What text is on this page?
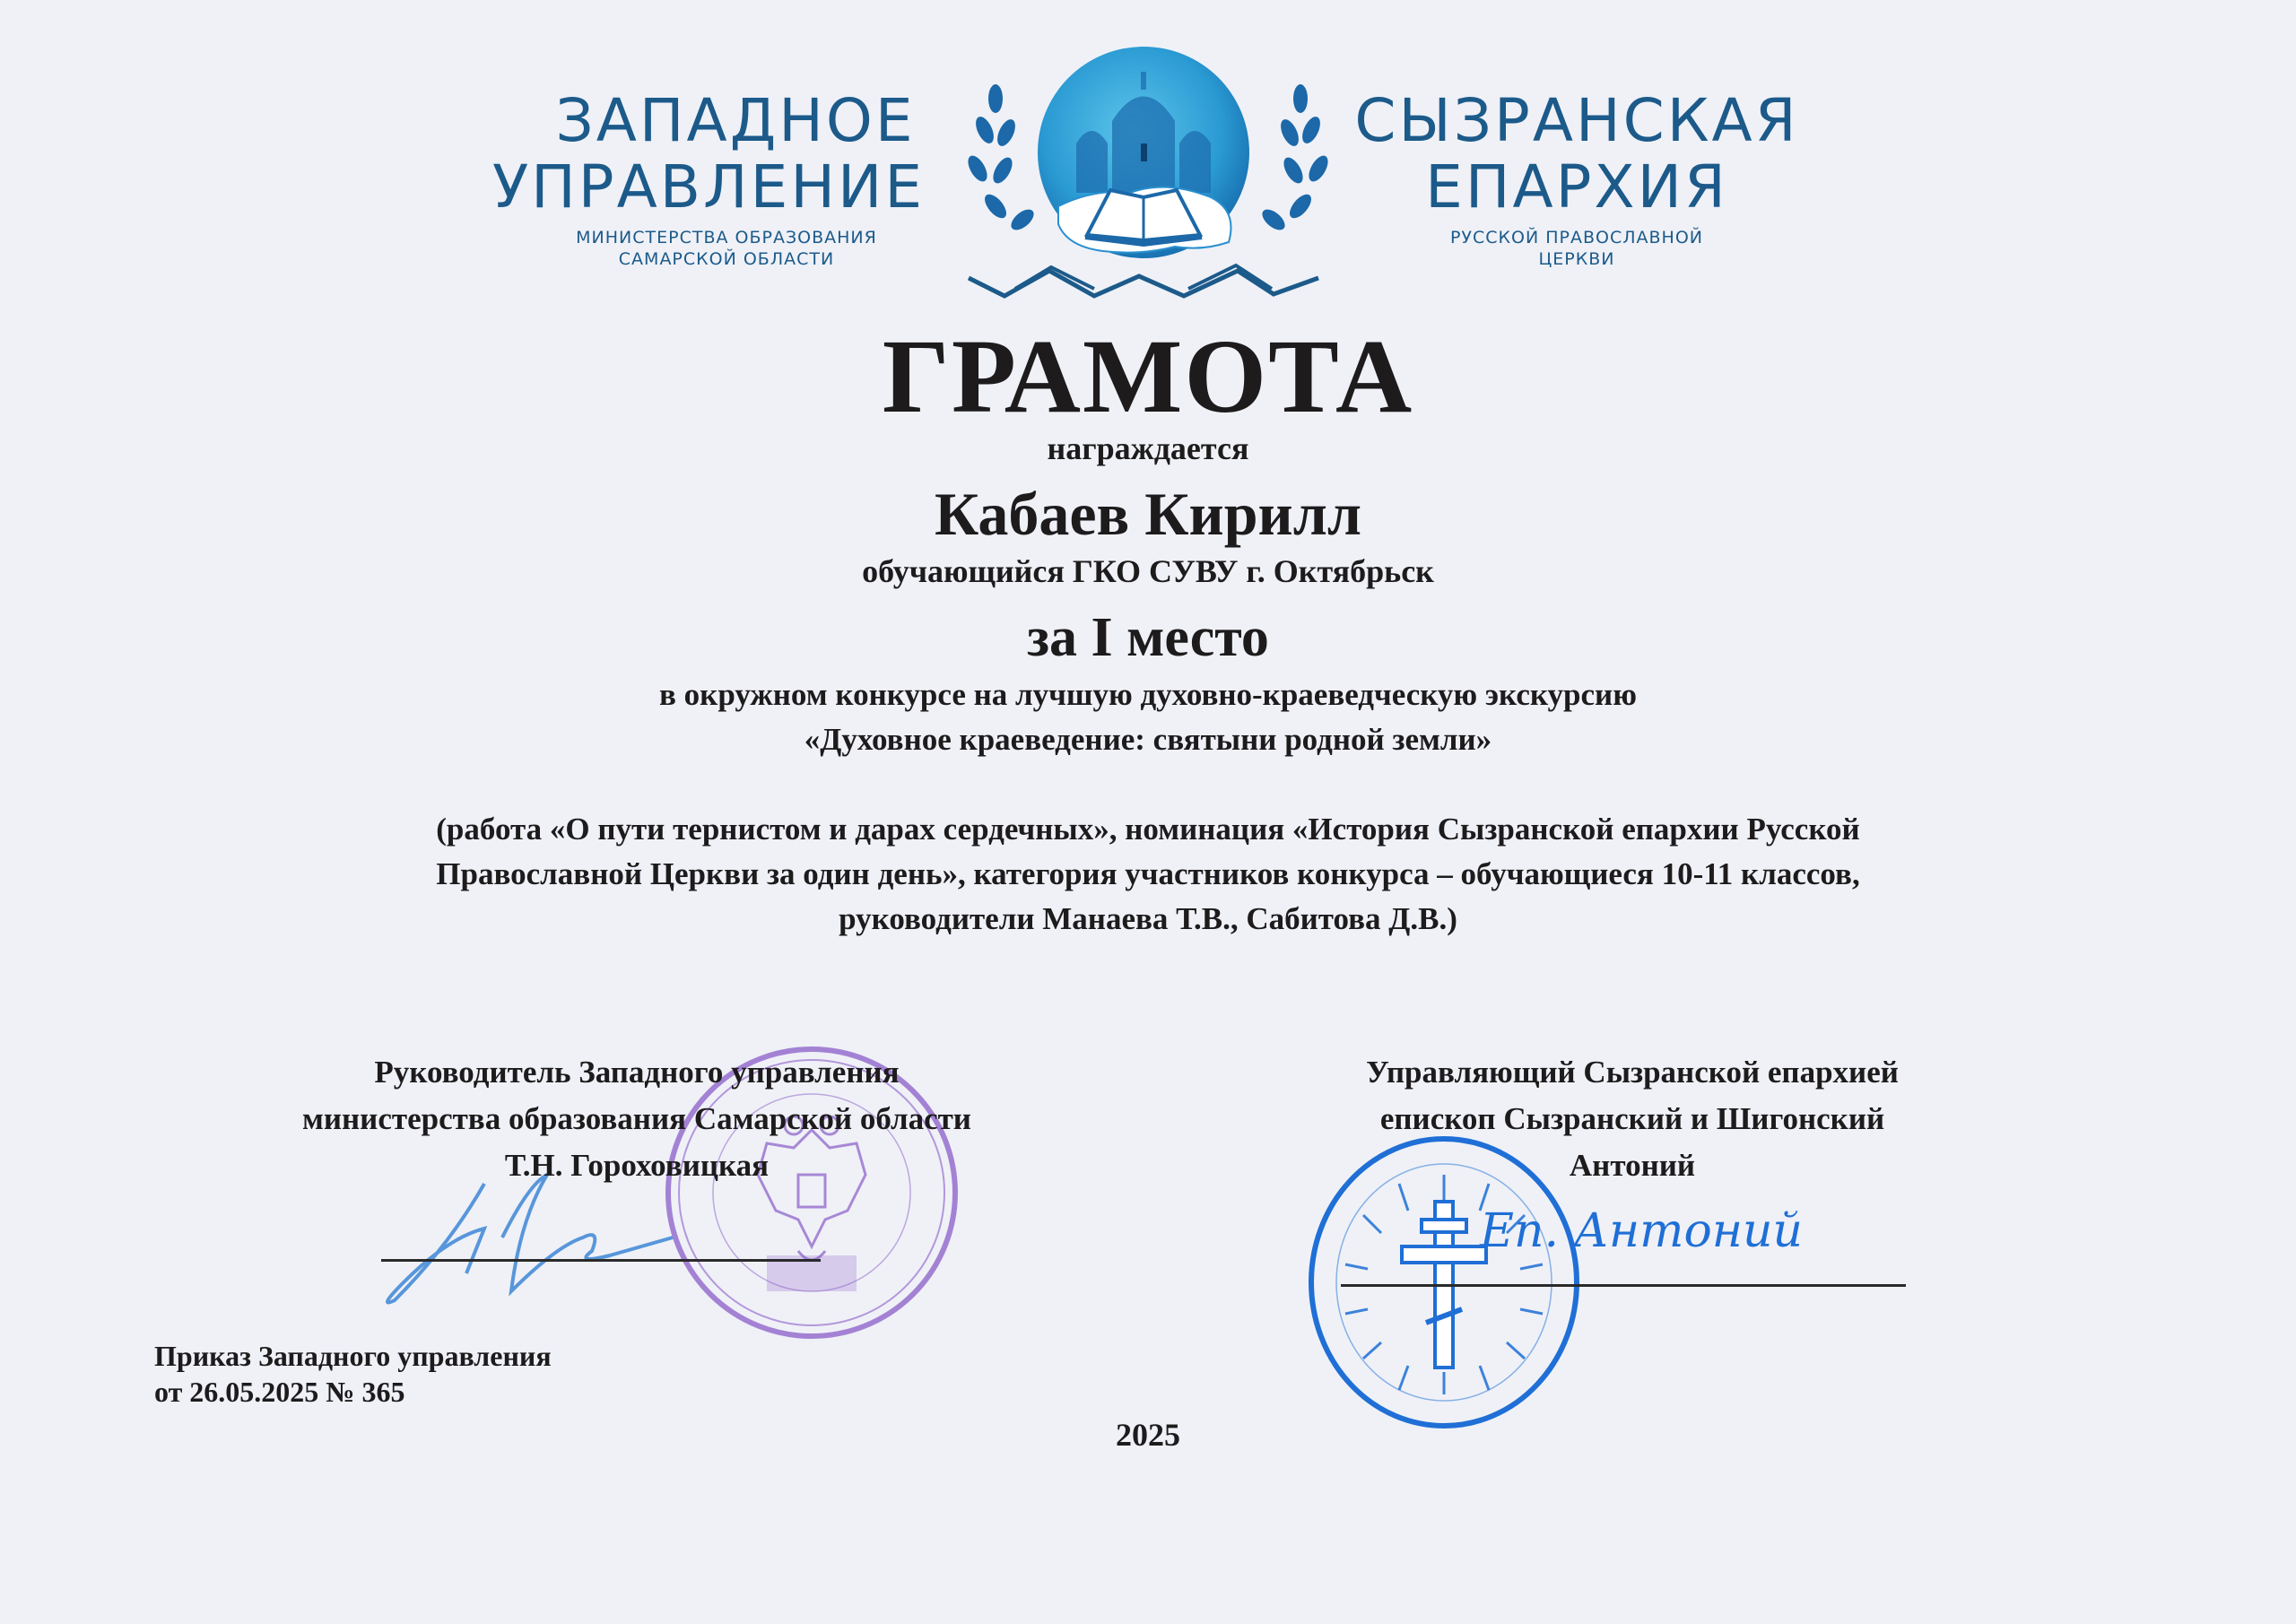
ЗАПАДНОЕ
УПРАВЛЕНИЕ
МИНИСТЕРСТВА ОБРАЗОВАНИЯ
САМАРСКОЙ ОБЛАСТИ
СЫЗРАНСКАЯ
ЕПАРХИЯ
РУССКОЙ ПРАВОСЛАВНОЙ
ЦЕРКВИ
ГРАМОТА
награждается
Кабаев Кирилл
обучающийся ГКО СУВУ г. Октябрьск
за I место
в окружном конкурсе на лучшую духовно-краеведческую экскурсию
«Духовное краеведение: святыни родной земли»
(работа «О пути тернистом и дарах сердечных», номинация «История Сызранской епархии Русской
Православной Церкви за один день», категория участников конкурса – обучающиеся 10-11 классов,
руководители Манаева Т.В., Сабитова Д.В.)
Руководитель Западного управления
министерства образования Самарской области
Т.Н. Гороховицкая
Еп. Антоний
Управляющий Сызранской епархией
епископ Сызранский и Шигонский
Антоний
Приказ Западного управления
от 26.05.2025 № 365
2025
